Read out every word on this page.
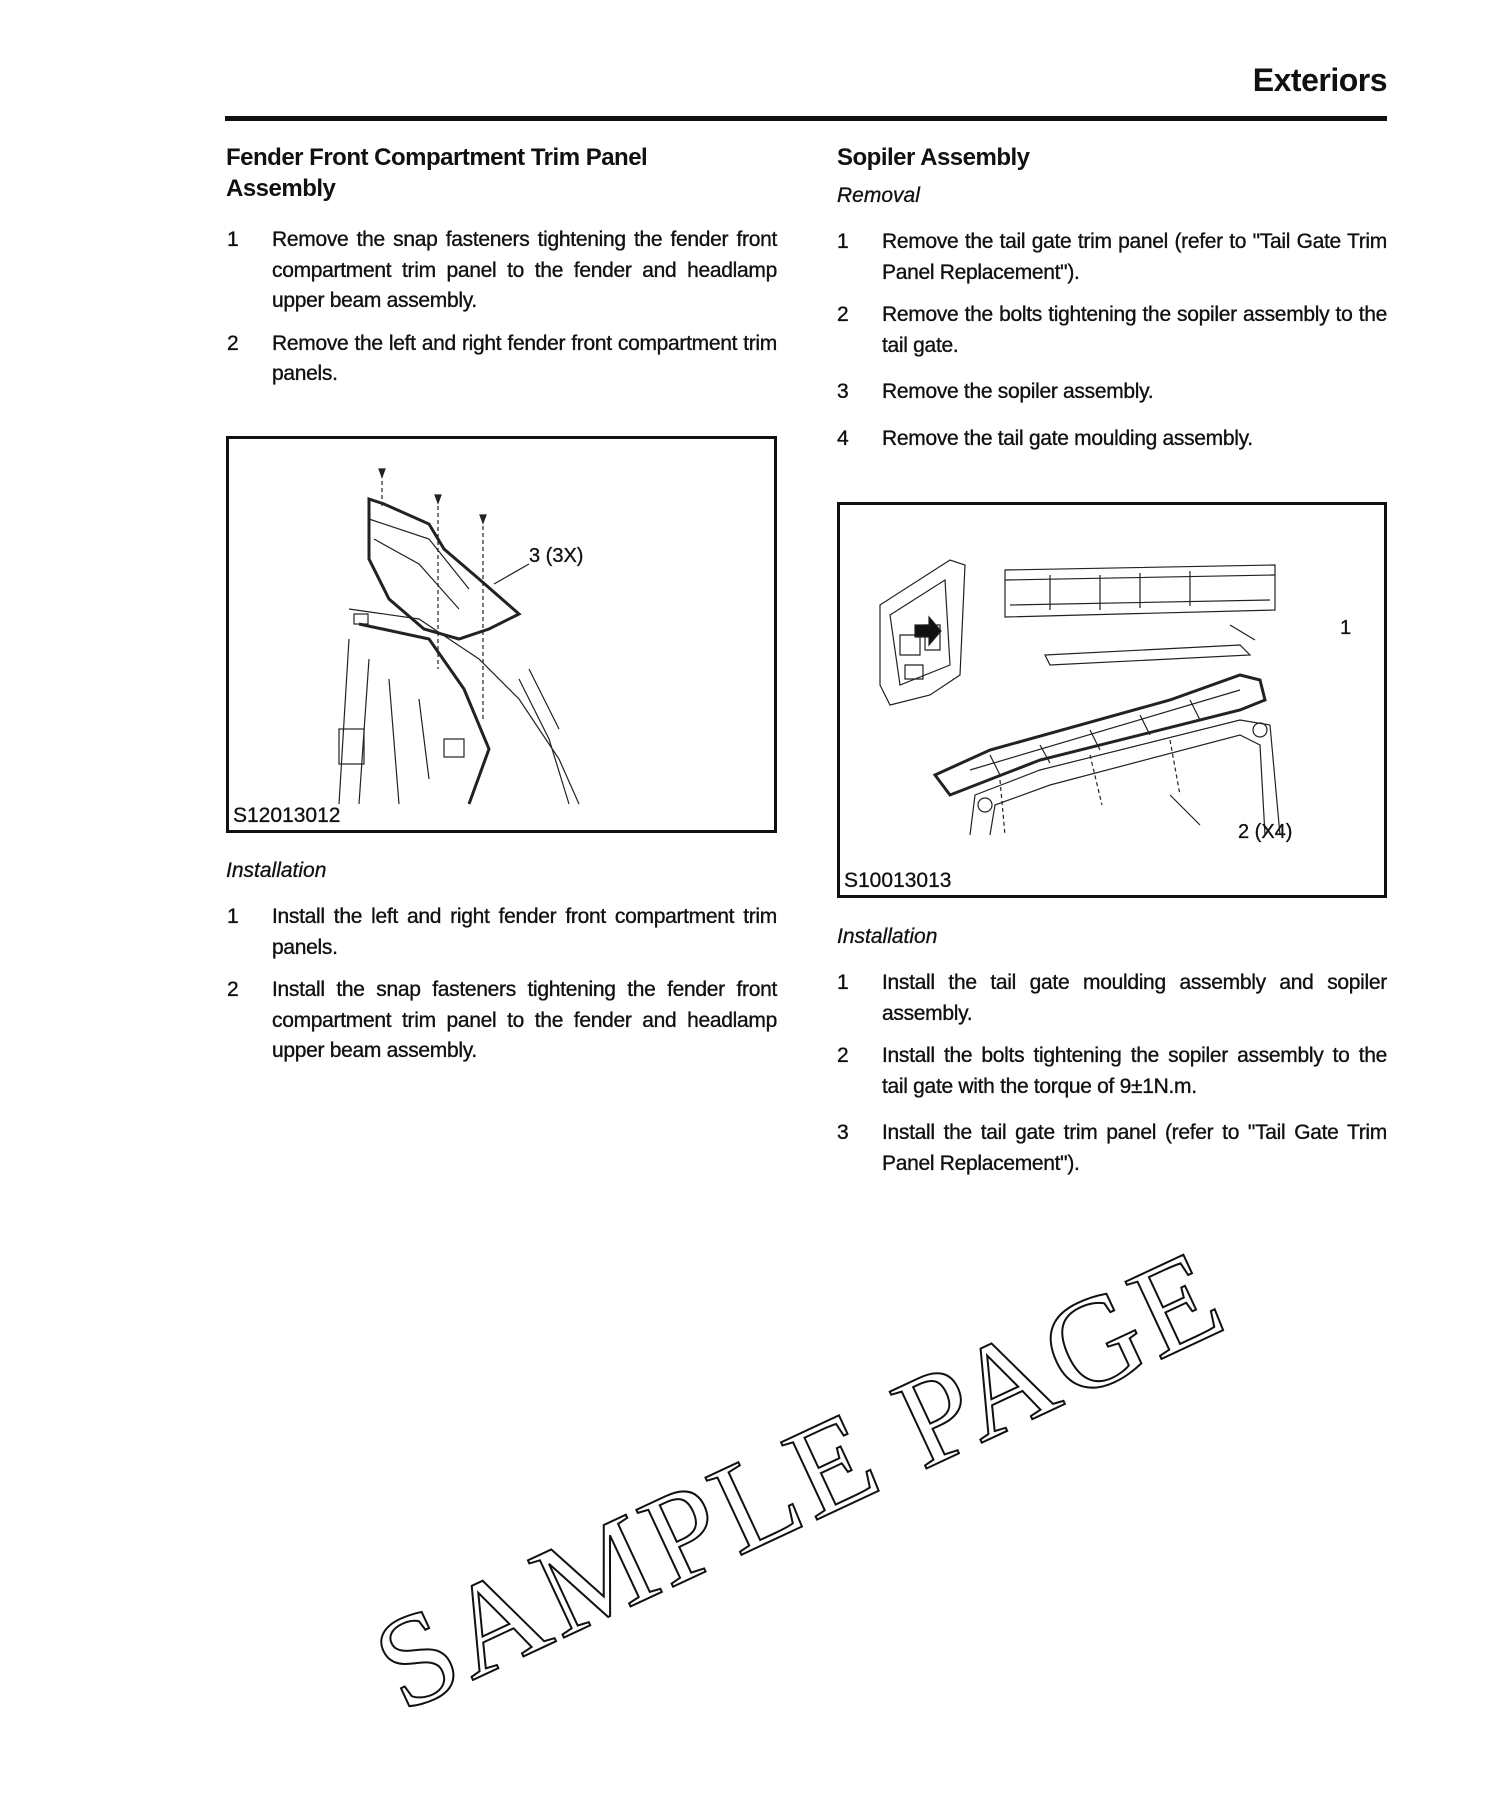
Exteriors
Fender Front Compartment Trim Panel Assembly
1 Remove the snap fasteners tightening the fender front compartment trim panel to the fender and headlamp upper beam assembly.
2 Remove the left and right fender front compartment trim panels.
3 (3X)
S12013012
Installation
1 Install the left and right fender front compartment trim panels.
2 Install the snap fasteners tightening the fender front compartment trim panel to the fender and headlamp upper beam assembly.
Sopiler Assembly
Removal
1 Remove the tail gate trim panel (refer to "Tail Gate Trim Panel Replacement").
2 Remove the bolts tightening the sopiler assembly to the tail gate.
3 Remove the sopiler assembly.
4 Remove the tail gate moulding assembly.
1
2 (X4)
S10013013
Installation
1 Install the tail gate moulding assembly and sopiler assembly.
2 Install the bolts tightening the sopiler assembly to the tail gate with the torque of 9±1N.m.
3 Install the tail gate trim panel (refer to "Tail Gate Trim Panel Replacement").
SAMPLE PAGE
